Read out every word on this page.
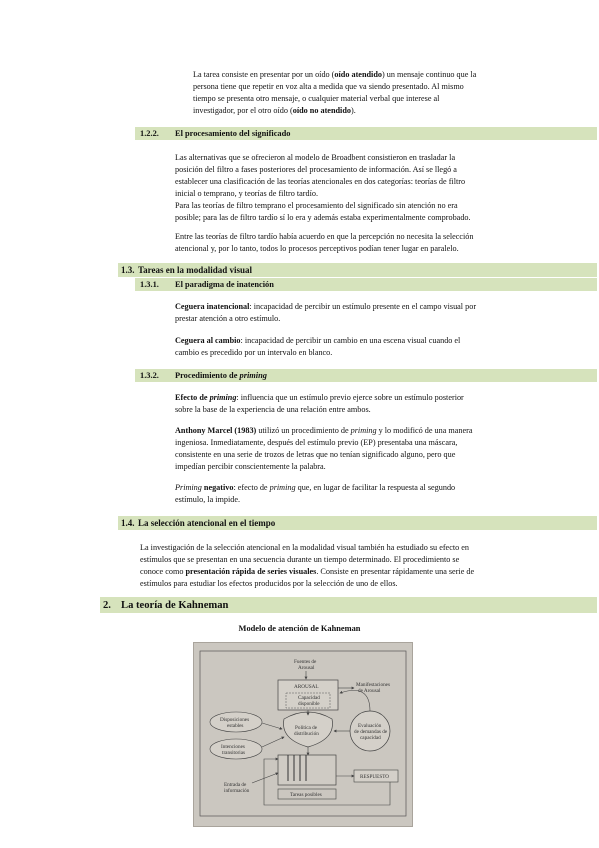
La tarea consiste en presentar por un oído (oído atendido) un mensaje continuo que la

persona tiene que repetir en voz alta a medida que va siendo presentado. Al mismo

tiempo se presenta otro mensaje, o cualquier material verbal que interese al

investigador, por el otro oído (oído no atendido).

1.2.2. El procesamiento del significado

Las alternativas que se ofrecieron al modelo de Broadbent consistieron en trasladar la

posición del filtro a fases posteriores del procesamiento de información. Así se llegó a

establecer una clasificación de las teorías atencionales en dos categorías: teorías de filtro

inicial o temprano, y teorías de filtro tardío.

Para las teorías de filtro temprano el procesamiento del significado sin atención no era

posible; para las de filtro tardío sí lo era y además estaba experimentalmente comprobado.

Entre las teorías de filtro tardío había acuerdo en que la percepción no necesita la selección

atencional y, por lo tanto, todos lo procesos perceptivos podían tener lugar en paralelo.

1.3. Tareas en la modalidad visual
1.3.1. El paradigma de inatención

Ceguera inatencional: incapacidad de percibir un estímulo presente en el campo visual por

prestar atención a otro estímulo.

Ceguera al cambio: incapacidad de percibir un cambio en una escena visual cuando el

cambio es precedido por un intervalo en blanco.

1.3.2. Procedimiento de priming

Efecto de priming: influencia que un estímulo previo ejerce sobre un estímulo posterior

sobre la base de la experiencia de una relación entre ambos.

Anthony Marcel (1983) utilizó un procedimiento de priming y lo modificó de una manera

ingeniosa. Inmediatamente, después del estímulo previo (EP) presentaba una máscara,

consistente en una serie de trozos de letras que no tenían significado alguno, pero que

impedían percibir conscientemente la palabra.

Priming negativo: efecto de priming que, en lugar de facilitar la respuesta al segundo

estímulo, la impide.

1.4. La selección atencional en el tiempo

La investigación de la selección atencional en la modalidad visual también ha estudiado su efecto en

estímulos que se presentan en una secuencia durante un tiempo determinado. El procedimiento se

conoce como presentación rápida de series visuales. Consiste en presentar rápidamente una serie de

estímulos para estudiar los efectos producidos por la selección de uno de ellos.

2. La teoría de Kahneman
Modelo de atención de Kahneman
Fuentes de
Arousal
AROUSAL
Capacidad
disponible
Manifestaciones
de Arousal
Disposiciones
estables	Política de
distribución
Evaluación
de demandas de
capacidad
Intenciones
transitorias
Entrada de
información
RESPUESTO
Tareas posibles
